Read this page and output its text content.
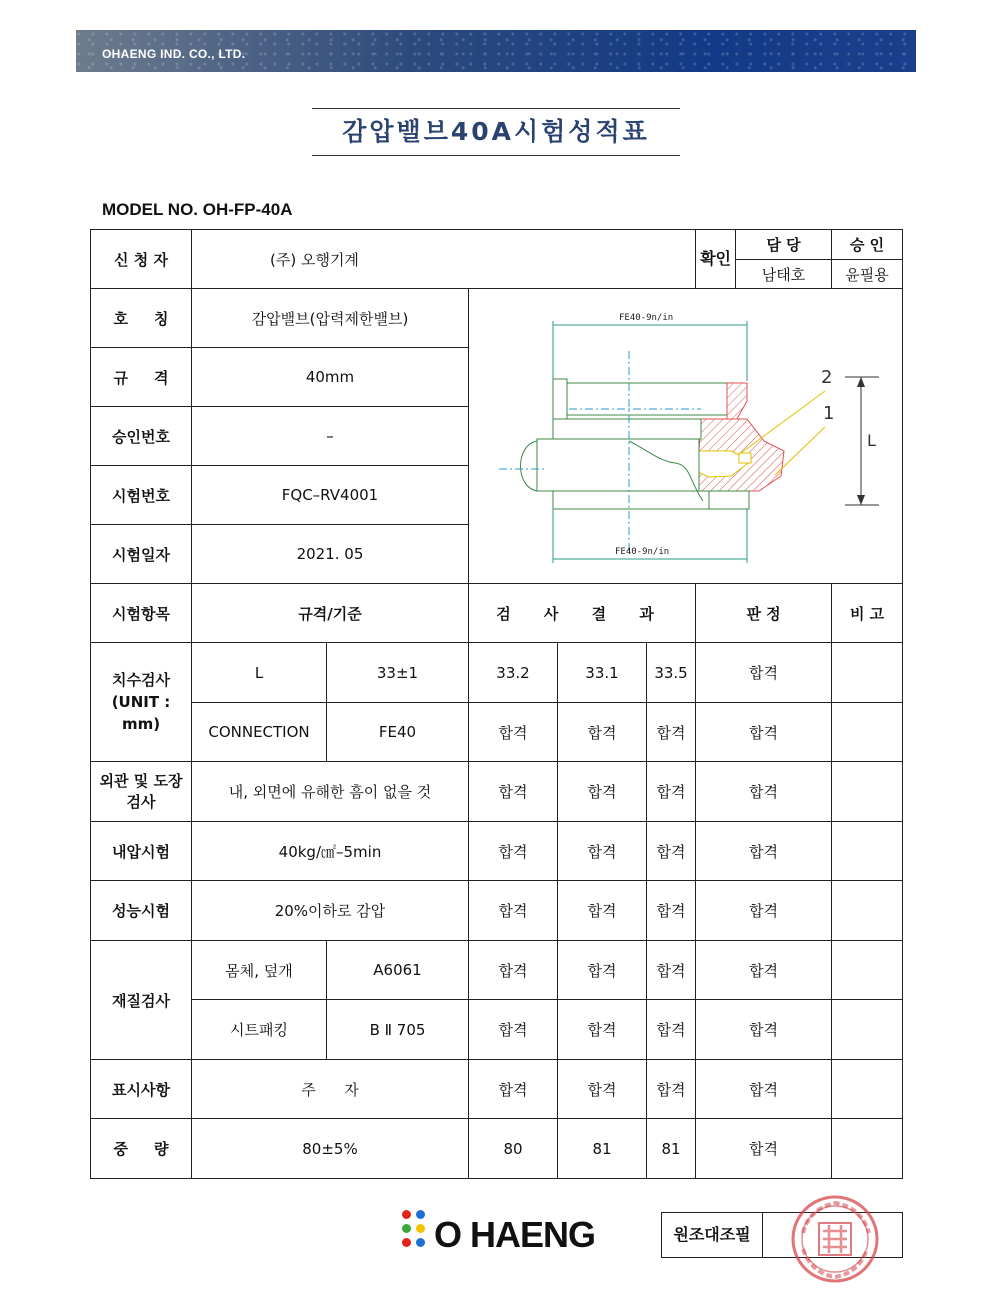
OHAENG IND. CO., LTD.
감압밸브40A시험성적표
MODEL NO. OH-FP-40A
신 청 자	(주) 오행기계					확인	담 당	승 인
							남태호	윤필용
호     칭	감압밸브(압력제한밸브)		FE40-9n/in
2
1
L
FE40-9n/in					

규     격	40mm							
승인번호	–							
시험번호	FQC–RV4001							
시험일자	2021. 05							
시험항목	규격/기준		검 사 결 과			판 정		비 고
치수검사
(UNIT : mm)	L	33±1	33.2	33.1	33.5	합격		
	CONNECTION	FE40	합격	합격	합격	합격		
외관 및 도장
검사	내, 외면에 유해한 흠이 없을 것		합격	합격	합격	합격		
내압시험	40kg/㎠–5min		합격	합격	합격	합격		
성능시험	20%이하로 감압		합격	합격	합격	합격		
재질검사	몸체, 덮개	A6061	합격	합격	합격	합격		
	시트패킹	B Ⅱ 705	합격	합격	합격	합격		
표시사항	주      자		합격	합격	합격	합격		
중     량	80±5%		80	81	81	합격		
O HAENG	원조대조필
